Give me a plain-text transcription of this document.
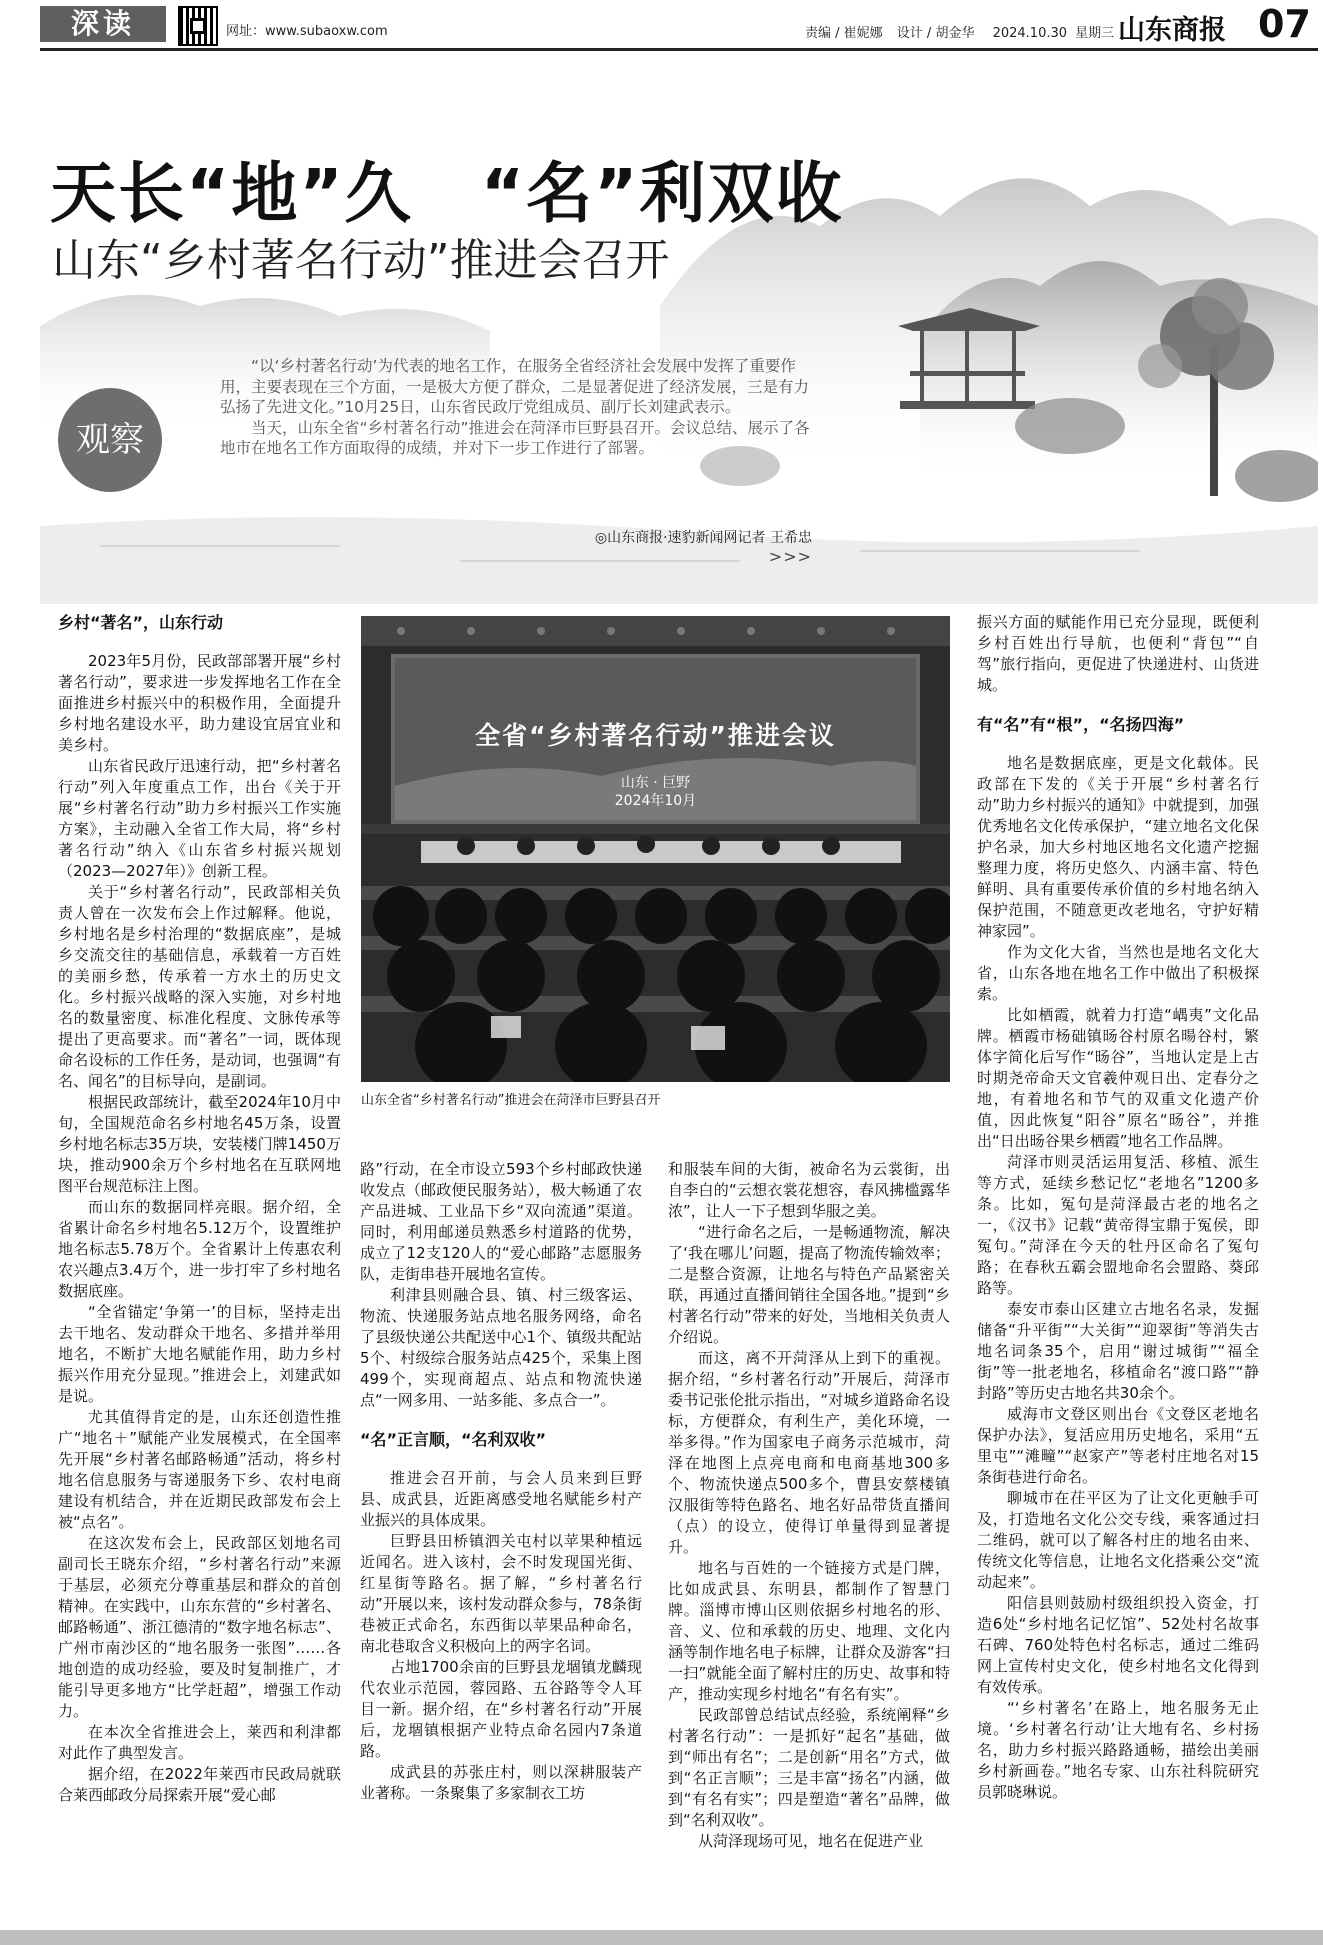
深读	网址：www.subaoxw.com	责编 / 崔妮娜 设计 / 胡金华 2024.10.30 星期三 山东商报 07
天长“地”久　“名”利双收
山东“乡村著名行动”推进会召开
观察

“以‘乡村著名行动’为代表的地名工作，在服务全省经济社会发展中发挥了重要作用，主要表现在三个方面，一是极大方便了群众，二是显著促进了经济发展，三是有力弘扬了先进文化。”10月25日，山东省民政厅党组成员、副厅长刘建武表示。

当天，山东全省“乡村著名行动”推进会在菏泽市巨野县召开。会议总结、展示了各地市在地名工作方面取得的成绩，并对下一步工作进行了部署。

◎山东商报·速豹新闻网记者 王希忠
>>>
全省“乡村著名行动”推进会议
山东 · 巨野
2024年10月
山东全省“乡村著名行动”推进会在菏泽市巨野县召开
乡村“著名”，山东行动

2023年5月份，民政部部署开展“乡村著名行动”，要求进一步发挥地名工作在全面推进乡村振兴中的积极作用，全面提升乡村地名建设水平，助力建设宜居宜业和美乡村。

山东省民政厅迅速行动，把“乡村著名行动”列入年度重点工作，出台《关于开展“乡村著名行动”助力乡村振兴工作实施方案》，主动融入全省工作大局，将“乡村著名行动”纳入《山东省乡村振兴规划（2023—2027年）》创新工程。

关于“乡村著名行动”，民政部相关负责人曾在一次发布会上作过解释。他说，乡村地名是乡村治理的“数据底座”，是城乡交流交往的基础信息，承载着一方百姓的美丽乡愁，传承着一方水土的历史文化。乡村振兴战略的深入实施，对乡村地名的数量密度、标准化程度、文脉传承等提出了更高要求。而“著名”一词，既体现命名设标的工作任务，是动词，也强调“有名、闻名”的目标导向，是副词。

根据民政部统计，截至2024年10月中旬，全国规范命名乡村地名45万条，设置乡村地名标志35万块，安装楼门牌1450万块，推动900余万个乡村地名在互联网地图平台规范标注上图。

而山东的数据同样亮眼。据介绍，全省累计命名乡村地名5.12万个，设置维护地名标志5.78万个。全省累计上传惠农利农兴趣点3.4万个，进一步打牢了乡村地名数据底座。

“全省锚定‘争第一’的目标，坚持走出去干地名、发动群众干地名、多措并举用地名，不断扩大地名赋能作用，助力乡村振兴作用充分显现。”推进会上，刘建武如是说。

尤其值得肯定的是，山东还创造性推广“地名＋”赋能产业发展模式，在全国率先开展“乡村著名邮路畅通”活动，将乡村地名信息服务与寄递服务下乡、农村电商建设有机结合，并在近期民政部发布会上被“点名”。

在这次发布会上，民政部区划地名司副司长王晓东介绍，“乡村著名行动”来源于基层，必须充分尊重基层和群众的首创精神。在实践中，山东东营的“乡村著名、邮路畅通”、浙江德清的“数字地名标志”、广州市南沙区的“地名服务一张图”……各地创造的成功经验，要及时复制推广，才能引导更多地方“比学赶超”，增强工作动力。

在本次全省推进会上，莱西和利津都对此作了典型发言。

据介绍，在2022年莱西市民政局就联合莱西邮政分局探索开展“爱心邮

路”行动，在全市设立593个乡村邮政快递收发点（邮政便民服务站），极大畅通了农产品进城、工业品下乡“双向流通”渠道。同时，利用邮递员熟悉乡村道路的优势，成立了12支120人的“爱心邮路”志愿服务队，走街串巷开展地名宣传。

利津县则融合县、镇、村三级客运、物流、快递服务站点地名服务网络，命名了县级快递公共配送中心1个、镇级共配站5个、村级综合服务站点425个，采集上图499个，实现商超点、站点和物流快递点“一网多用、一站多能、多点合一”。

“名”正言顺，“名利双收”

推进会召开前，与会人员来到巨野县、成武县，近距离感受地名赋能乡村产业振兴的具体成果。

巨野县田桥镇泗关屯村以苹果种植远近闻名。进入该村，会不时发现国光街、红星街等路名。据了解，“乡村著名行动”开展以来，该村发动群众参与，78条街巷被正式命名，东西街以苹果品种命名，南北巷取含义积极向上的两字名词。

占地1700余亩的巨野县龙堌镇龙麟现代农业示范园，蓉园路、五谷路等令人耳目一新。据介绍，在“乡村著名行动”开展后，龙堌镇根据产业特点命名园内7条道路。

成武县的苏张庄村，则以深耕服装产业著称。一条聚集了多家制衣工坊

和服装车间的大街，被命名为云裳街，出自李白的“云想衣裳花想容，春风拂槛露华浓”，让人一下子想到华服之美。

“进行命名之后，一是畅通物流，解决了‘我在哪儿’问题，提高了物流传输效率；二是整合资源，让地名与特色产品紧密关联，再通过直播间销往全国各地。”提到“乡村著名行动”带来的好处，当地相关负责人介绍说。

而这，离不开菏泽从上到下的重视。据介绍，“乡村著名行动”开展后，菏泽市委书记张伦批示指出，“对城乡道路命名设标，方便群众，有利生产，美化环境，一举多得。”作为国家电子商务示范城市，菏泽在地图上点亮电商和电商基地300多个、物流快递点500多个，曹县安蔡楼镇汉服街等特色路名、地名好品带货直播间（点）的设立，使得订单量得到显著提升。

地名与百姓的一个链接方式是门牌，比如成武县、东明县，都制作了智慧门牌。淄博市博山区则依据乡村地名的形、音、义、位和承载的历史、地理、文化内涵等制作地名电子标牌，让群众及游客“扫一扫”就能全面了解村庄的历史、故事和特产，推动实现乡村地名“有名有实”。

民政部曾总结试点经验，系统阐释“乡村著名行动”：一是抓好“起名”基础，做到“师出有名”；二是创新“用名”方式，做到“名正言顺”；三是丰富“扬名”内涵，做到“有名有实”；四是塑造“著名”品牌，做到“名利双收”。

从菏泽现场可见，地名在促进产业

振兴方面的赋能作用已充分显现，既便利乡村百姓出行导航，也便利“背包”“自驾”旅行指向，更促进了快递进村、山货进城。

有“名”有“根”，“名扬四海”

地名是数据底座，更是文化载体。民政部在下发的《关于开展“乡村著名行动”助力乡村振兴的通知》中就提到，加强优秀地名文化传承保护，“建立地名文化保护名录，加大乡村地区地名文化遗产挖掘整理力度，将历史悠久、内涵丰富、特色鲜明、具有重要传承价值的乡村地名纳入保护范围，不随意更改老地名，守护好精神家园”。

作为文化大省，当然也是地名文化大省，山东各地在地名工作中做出了积极探索。

比如栖霞，就着力打造“嵎夷”文化品牌。栖霞市杨础镇旸谷村原名暘谷村，繁体字简化后写作“旸谷”，当地认定是上古时期尧帝命天文官羲仲观日出、定春分之地，有着地名和节气的双重文化遗产价值，因此恢复“阳谷”原名“旸谷”，并推出“日出旸谷果乡栖霞”地名工作品牌。

菏泽市则灵活运用复活、移植、派生等方式，延续乡愁记忆“老地名”1200多条。比如，冤句是菏泽最古老的地名之一，《汉书》记载“黄帝得宝鼎于冤侯，即冤句。”菏泽在今天的牡丹区命名了冤句路；在春秋五霸会盟地命名会盟路、葵邱路等。

泰安市泰山区建立古地名名录，发掘储备“升平街”“大关街”“迎翠街”等消失古地名词条35个，启用“谢过城街”“福全街”等一批老地名，移植命名“渡口路”“静封路”等历史古地名共30余个。

威海市文登区则出台《文登区老地名保护办法》，复活应用历史地名，采用“五里屯”“滩疃”“赵家产”等老村庄地名对15条街巷进行命名。

聊城市在茌平区为了让文化更触手可及，打造地名文化公交专线，乘客通过扫二维码，就可以了解各村庄的地名由来、传统文化等信息，让地名文化搭乘公交“流动起来”。

阳信县则鼓励村级组织投入资金，打造6处“乡村地名记忆馆”、52处村名故事石碑、760处特色村名标志，通过二维码网上宣传村史文化，使乡村地名文化得到有效传承。

“‘乡村著名’在路上，地名服务无止境。‘乡村著名行动’让大地有名、乡村扬名，助力乡村振兴路路通畅，描绘出美丽乡村新画卷。”地名专家、山东社科院研究员郭晓琳说。
